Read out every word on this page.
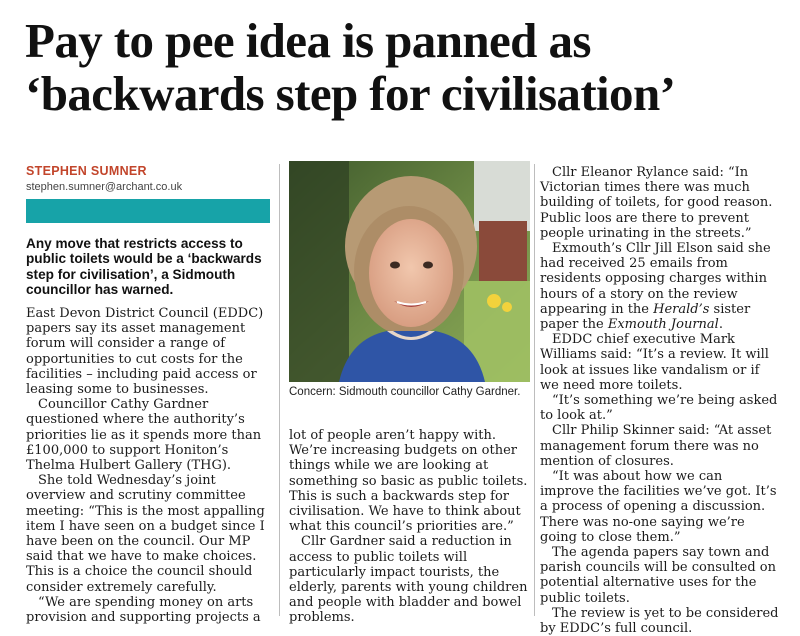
Pay to pee idea is panned as
‘backwards step for civilisation’
STEPHEN SUMNER
stephen.sumner@archant.co.uk
Any move that restricts access to public toilets would be a ‘backwards step for civilisation’, a Sidmouth councillor has warned.

East Devon District Council (EDDC) papers say its asset management forum will consider a range of opportunities to cut costs for the facilities – including paid access or leasing some to businesses.

Councillor Cathy Gardner questioned where the authority’s priorities lie as it spends more than £100,000 to support Honiton’s Thelma Hulbert Gallery (THG).

She told Wednesday’s joint overview and scrutiny committee meeting: “This is the most appalling item I have seen on a budget since I have been on the council. Our MP said that we have to make choices. This is a choice the council should consider extremely carefully.

“We are spending money on arts provision and supporting projects a

Concern: Sidmouth councillor Cathy Gardner.

lot of people aren’t happy with. We’re increasing budgets on other things while we are looking at something so basic as public toilets. This is such a backwards step for civilisation. We have to think about what this council’s priorities are.”

Cllr Gardner said a reduction in access to public toilets will particularly impact tourists, the elderly, parents with young children and people with bladder and bowel problems.

Cllr Eleanor Rylance said: “In Victorian times there was much building of toilets, for good reason. Public loos are there to prevent people urinating in the streets.”

Exmouth’s Cllr Jill Elson said she had received 25 emails from residents opposing charges within hours of a story on the review appearing in the Herald’s sister paper the Exmouth Journal.

EDDC chief executive Mark Williams said: “It’s a review. It will look at issues like vandalism or if we need more toilets.

“It’s something we’re being asked to look at.”

Cllr Philip Skinner said: “At asset management forum there was no mention of closures.

“It was about how we can improve the facilities we’ve got. It’s a process of opening a discussion. There was no-one saying we’re going to close them.”

The agenda papers say town and parish councils will be consulted on potential alternative uses for the public toilets.

The review is yet to be considered by EDDC’s full council.
